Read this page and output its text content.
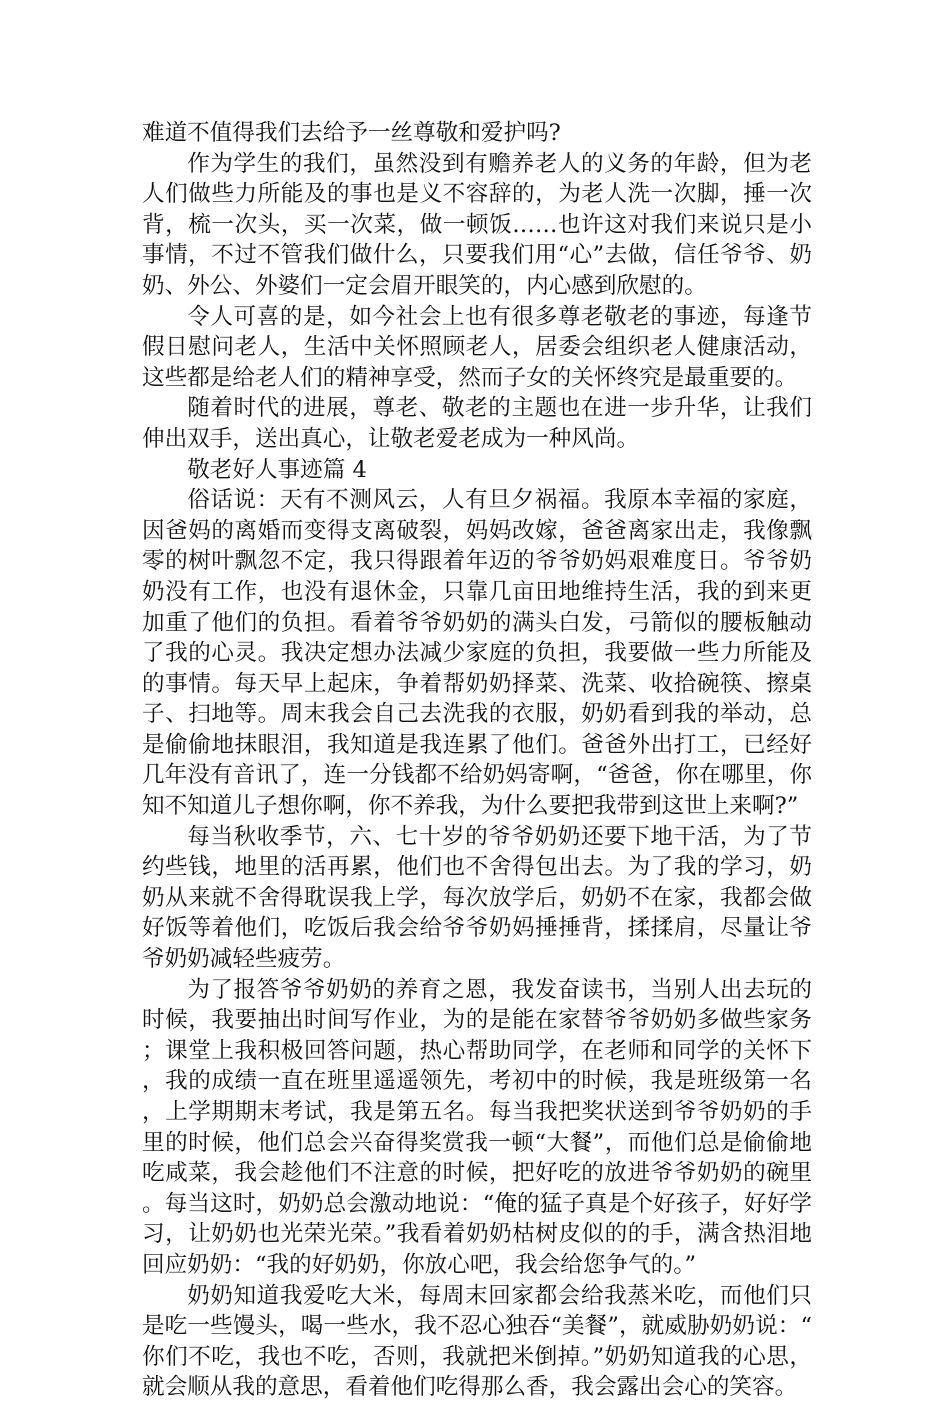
难道不值得我们去给予一丝尊敬和爱护吗?

作为学生的我们，虽然没到有赡养老人的义务的年龄，但为老人们做些力所能及的事也是义不容辞的，为老人洗一次脚，捶一次背，梳一次头，买一次菜，做一顿饭……也许这对我们来说只是小事情，不过不管我们做什么，只要我们用“心”去做，信任爷爷、奶奶、外公、外婆们一定会眉开眼笑的，内心感到欣慰的。

令人可喜的是，如今社会上也有很多尊老敬老的事迹，每逢节假日慰问老人，生活中关怀照顾老人，居委会组织老人健康活动，这些都是给老人们的精神享受，然而子女的关怀终究是最重要的。

随着时代的进展，尊老、敬老的主题也在进一步升华，让我们伸出双手，送出真心，让敬老爱老成为一种风尚。

敬老好人事迹篇 4

俗话说：天有不测风云，人有旦夕祸福。我原本幸福的家庭，因爸妈的离婚而变得支离破裂，妈妈改嫁，爸爸离家出走，我像飘零的树叶飘忽不定，我只得跟着年迈的爷爷奶妈艰难度日。爷爷奶奶没有工作，也没有退休金，只靠几亩田地维持生活，我的到来更加重了他们的负担。看着爷爷奶奶的满头白发，弓箭似的腰板触动了我的心灵。我决定想办法减少家庭的负担，我要做一些力所能及的事情。每天早上起床，争着帮奶奶择菜、洗菜、收拾碗筷、擦桌子、扫地等。周末我会自己去洗我的衣服，奶奶看到我的举动，总是偷偷地抹眼泪，我知道是我连累了他们。爸爸外出打工，已经好几年没有音讯了，连一分钱都不给奶妈寄啊，“爸爸，你在哪里，你知不知道儿子想你啊，你不养我，为什么要把我带到这世上来啊?”

每当秋收季节，六、七十岁的爷爷奶奶还要下地干活，为了节约些钱，地里的活再累，他们也不舍得包出去。为了我的学习，奶奶从来就不舍得耽误我上学，每次放学后，奶奶不在家，我都会做好饭等着他们，吃饭后我会给爷爷奶妈捶捶背，揉揉肩，尽量让爷爷奶奶减轻些疲劳。

为了报答爷爷奶奶的养育之恩，我发奋读书，当别人出去玩的时候，我要抽出时间写作业，为的是能在家替爷爷奶奶多做些家务；课堂上我积极回答问题，热心帮助同学，在老师和同学的关怀下，我的成绩一直在班里遥遥领先，考初中的时候，我是班级第一名，上学期期末考试，我是第五名。每当我把奖状送到爷爷奶奶的手里的时候，他们总会兴奋得奖赏我一顿“大餐”，而他们总是偷偷地吃咸菜，我会趁他们不注意的时候，把好吃的放进爷爷奶奶的碗里。每当这时，奶奶总会激动地说：“俺的猛子真是个好孩子，好好学习，让奶奶也光荣光荣。”我看着奶奶枯树皮似的的手，满含热泪地回应奶奶：“我的好奶奶，你放心吧，我会给您争气的。”

奶奶知道我爱吃大米，每周末回家都会给我蒸米吃，而他们只是吃一些馒头，喝一些水，我不忍心独吞“美餐”，就威胁奶奶说：“你们不吃，我也不吃，否则，我就把米倒掉。”奶奶知道我的心思，就会顺从我的意思，看着他们吃得那么香，我会露出会心的笑容。
